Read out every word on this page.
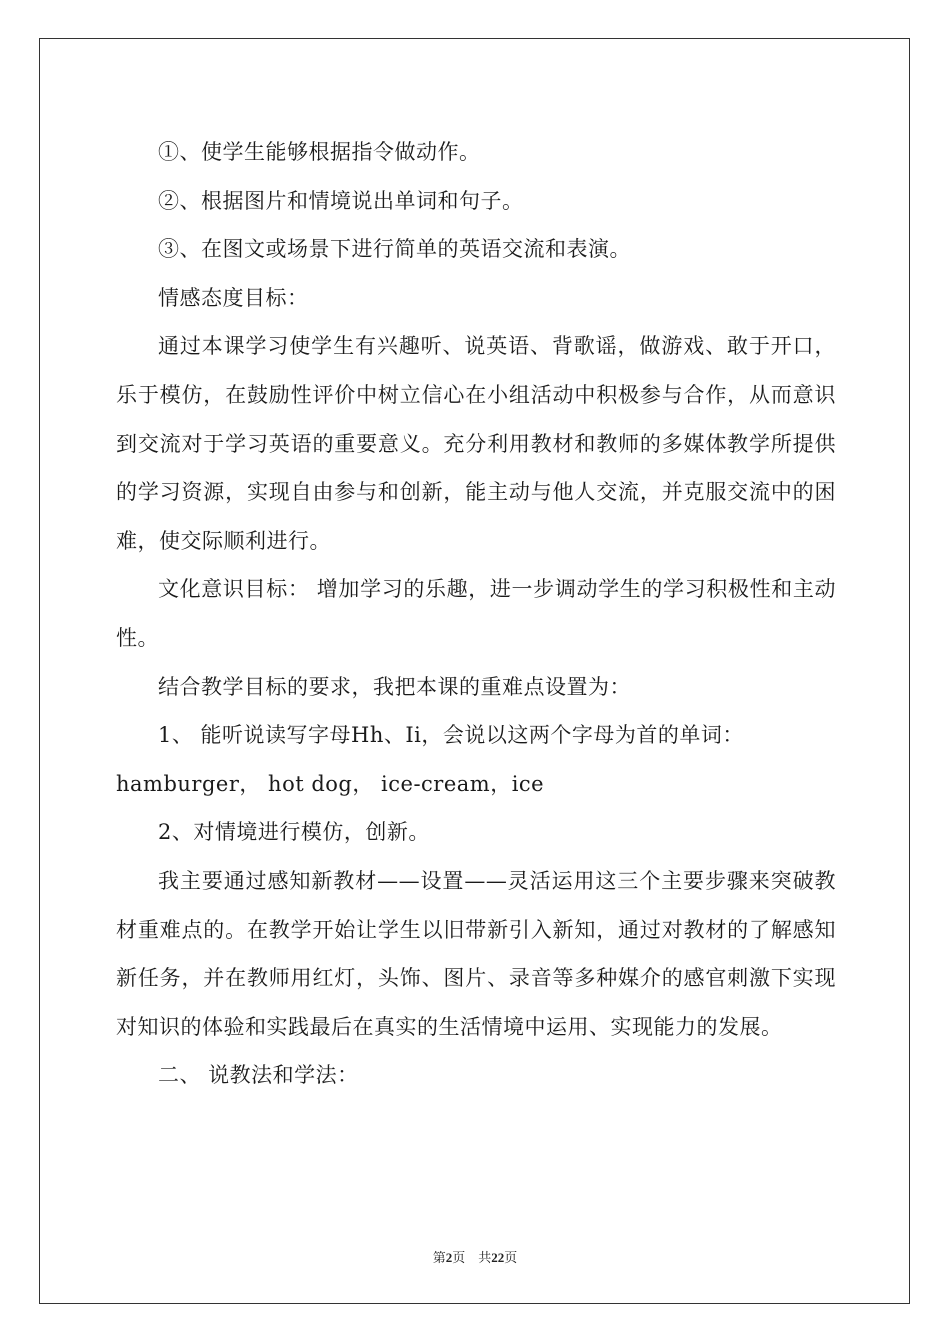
①、使学生能够根据指令做动作。

②、根据图片和情境说出单词和句子。

③、在图文或场景下进行简单的英语交流和表演。

情感态度目标：

通过本课学习使学生有兴趣听、说英语、背歌谣，做游戏、敢于开口，乐于模仿，在鼓励性评价中树立信心在小组活动中积极参与合作，从而意识到交流对于学习英语的重要意义。充分利用教材和教师的多媒体教学所提供的学习资源，实现自由参与和创新，能主动与他人交流，并克服交流中的困难，使交际顺利进行。

文化意识目标： 增加学习的乐趣，进一步调动学生的学习积极性和主动性。

结合教学目标的要求，我把本课的重难点设置为：

1、 能听说读写字母Hh、Ii，会说以这两个字母为首的单词：

hamburger， hot dog， ice-cream，ice

2、对情境进行模仿，创新。

我主要通过感知新教材——设置——灵活运用这三个主要步骤来突破教材重难点的。在教学开始让学生以旧带新引入新知，通过对教材的了解感知新任务，并在教师用红灯，头饰、图片、录音等多种媒介的感官刺激下实现对知识的体验和实践最后在真实的生活情境中运用、实现能力的发展。

二、 说教法和学法：

第2页 共22页
